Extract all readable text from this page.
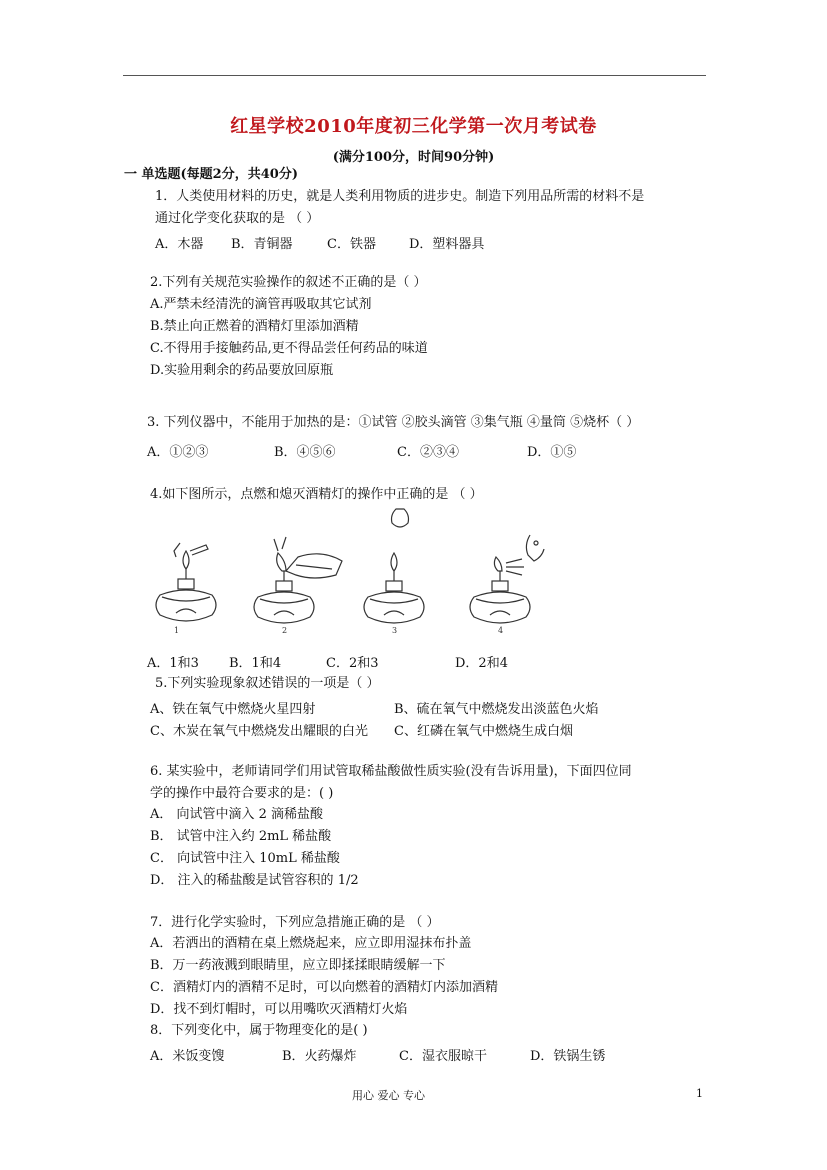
红星学校2010年度初三化学第一次月考试卷
(满分100分，时间90分钟)
一 单选题(每题2分，共40分)
1．人类使用材料的历史，就是人类利用物质的进步史。制造下列用品所需的材料不是
通过化学变化获取的是 （ ）
A．木器 B．青铜器	C．铁器	D．塑料器具
2.下列有关规范实验操作的叙述不正确的是（ ）
A.严禁未经清洗的滴管再吸取其它试剂
B.禁止向正燃着的酒精灯里添加酒精
C.不得用手接触药品,更不得品尝任何药品的味道
D.实验用剩余的药品要放回原瓶
3. 下列仪器中，不能用于加热的是：①试管 ②胶头滴管 ③集气瓶 ④量筒 ⑤烧杯（ ）
A．①②③	B．④⑤⑥	C．②③④	D．①⑤
4.如下图所示，点燃和熄灭酒精灯的操作中正确的是 （ ）
1	2	3	4
A．1和3 B．1和4	C．2和3	D．2和4
5.下列实验现象叙述错误的一项是（ ）
A、铁在氧气中燃烧火星四射	B、硫在氧气中燃烧发出淡蓝色火焰
C、木炭在氧气中燃烧发出耀眼的白光 C、红磷在氧气中燃烧生成白烟
6. 某实验中，老师请同学们用试管取稀盐酸做性质实验(没有告诉用量)，下面四位同
学的操作中最符合要求的是：( )
A． 向试管中滴入 2 滴稀盐酸
B． 试管中注入约 2mL 稀盐酸
C． 向试管中注入 10mL 稀盐酸
D． 注入的稀盐酸是试管容积的 1/2
7．进行化学实验时，下列应急措施正确的是 （ ）
A．若洒出的酒精在桌上燃烧起来，应立即用湿抹布扑盖
B．万一药液溅到眼睛里，应立即揉揉眼睛缓解一下
C．酒精灯内的酒精不足时，可以向燃着的酒精灯内添加酒精
D．找不到灯帽时，可以用嘴吹灭酒精灯火焰
8．下列变化中，属于物理变化的是( )
A．米饭变馊	B．火药爆炸	C．湿衣服晾干	D．铁锅生锈
用心 爱心 专心	1
